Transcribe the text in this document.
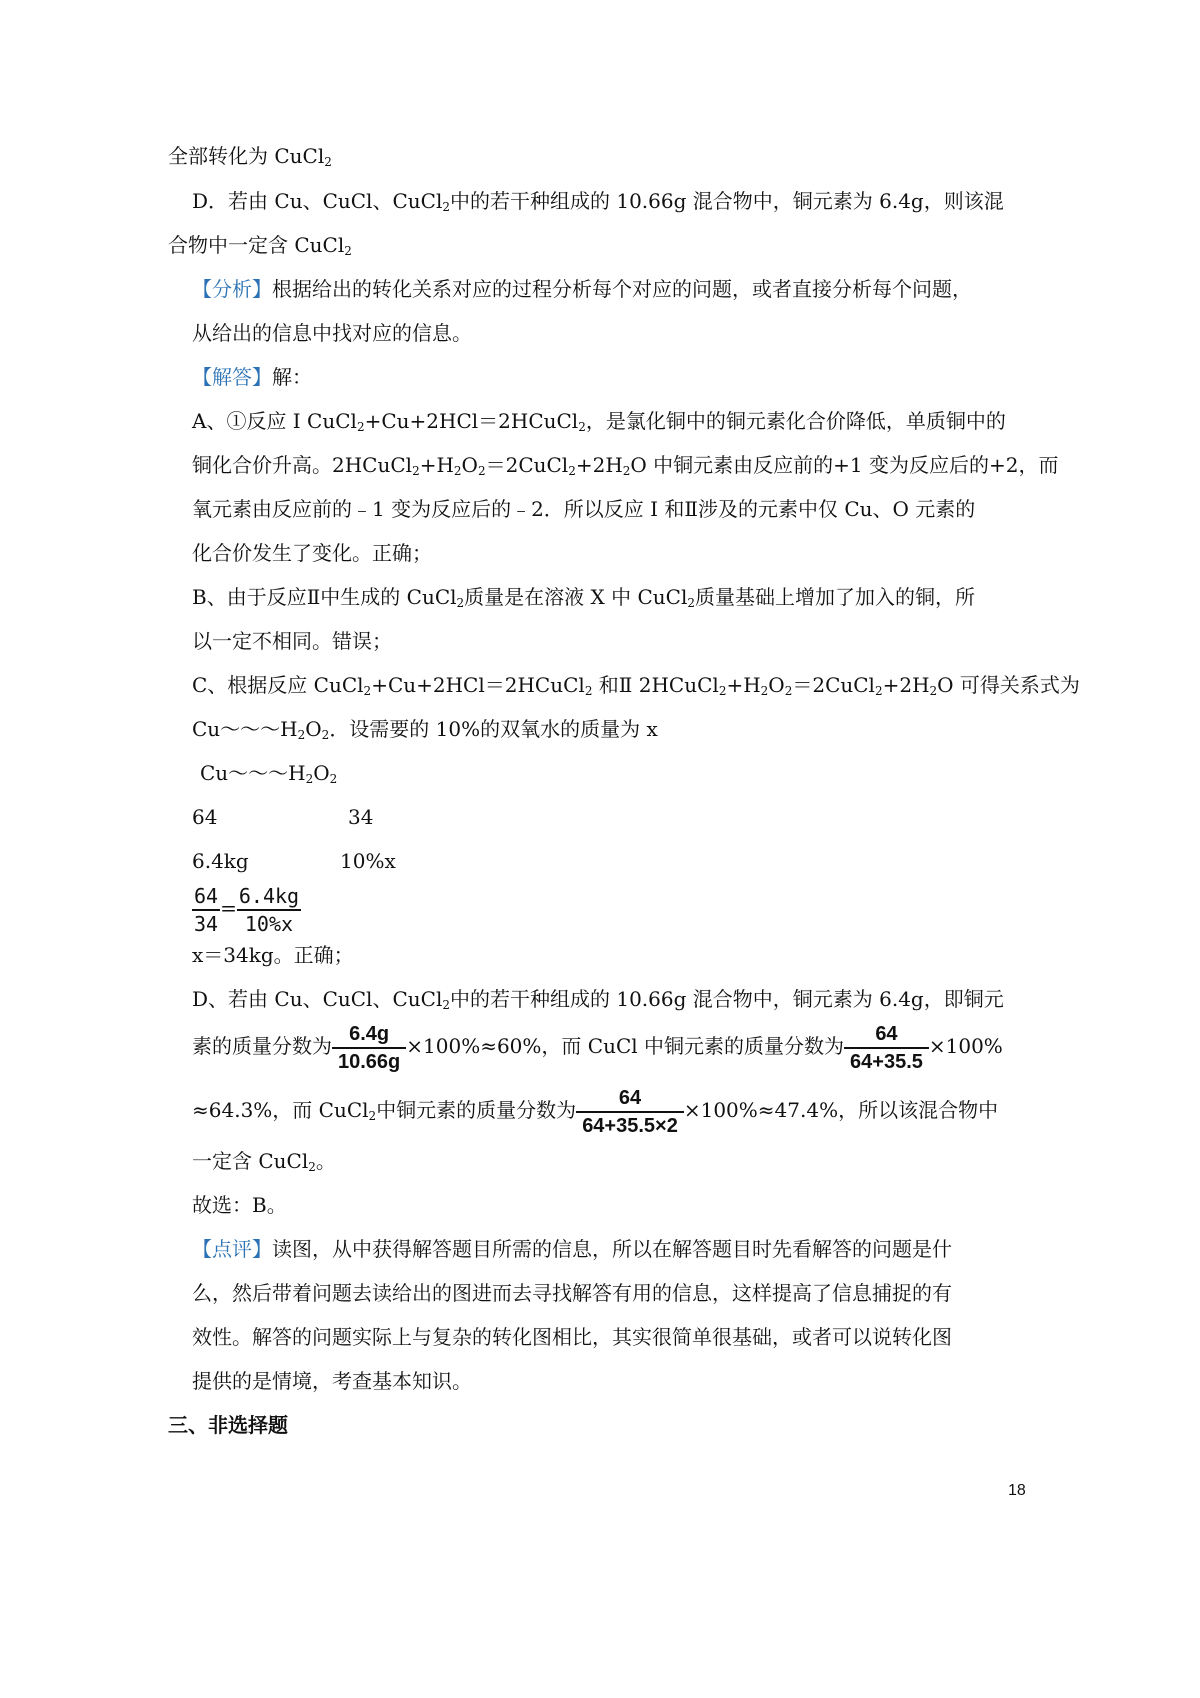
全部转化为 CuCl$_2$
D．若由 Cu、CuCl、CuCl$_2$中的若干种组成的 10.66g 混合物中，铜元素为 6.4g，则该混
合物中一定含 CuCl$_2$
【分析】根据给出的转化关系对应的过程分析每个对应的问题，或者直接分析每个问题，
从给出的信息中找对应的信息。
【解答】解：
A、①反应 I CuCl$_2$+Cu+2HCl＝2HCuCl$_2$，是氯化铜中的铜元素化合价降低，单质铜中的
铜化合价升高。$2HCuCl_2+H_2O_2=2CuCl_2+2H_2O$ 中铜元素由反应前的+1 变为反应后的+2，而
氧元素由反应前的﹣1 变为反应后的﹣2．所以反应 I 和Ⅱ涉及的元素中仅 Cu、O 元素的
化合价发生了变化。正确；
B、由于反应Ⅱ中生成的 CuCl$_2$质量是在溶液 X 中 CuCl$_2$质量基础上增加了加入的铜，所
以一定不相同。错误；
C、根据反应 CuCl$_2$+Cu+2HCl＝2HCuCl$_2$ 和Ⅱ $2HCuCl_2+H_2O_2=2CuCl_2+2H_2O$ 可得关系式为
$Cu\sim\sim\sim H_2O_2$．设需要的 10%的双氧水的质量为 x
$Cu\sim\sim\sim H_2O_2$
64	34
6.4kg	10%x
$\frac{64}{34} = \frac{6.4kg}{10\%x}$
x＝34kg。正确；
D、若由 Cu、CuCl、CuCl$_2$中的若干种组成的 10.66g 混合物中，铜元素为 6.4g，即铜元
素的质量分数为 $\frac{6.4g}{10.66g} \times 100\%\approx 60\%$，而 CuCl 中铜元素的质量分数为 $\frac{64}{64+35.5} \times 100\%$
≈64.3%，而 CuCl$_2$中铜元素的质量分数为 $\frac{64}{64+35.5\times 2} \times 100\%\approx 47.4\%$，所以该混合物中
一定含 CuCl$_2$。
故选：B。
【点评】读图，从中获得解答题目所需的信息，所以在解答题目时先看解答的问题是什
么，然后带着问题去读给出的图进而去寻找解答有用的信息，这样提高了信息捕捉的有
效性。解答的问题实际上与复杂的转化图相比，其实很简单很基础，或者可以说转化图
提供的是情境，考查基本知识。
三、非选择题
18
